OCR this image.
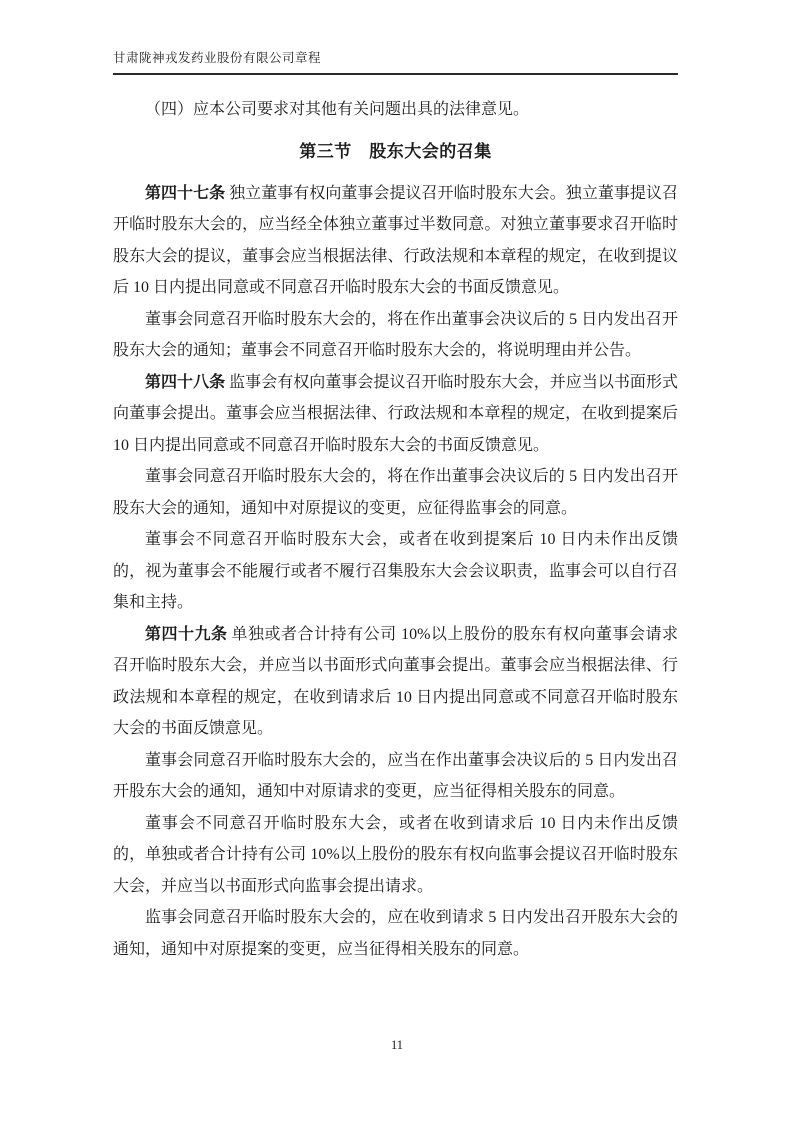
甘肃陇神戎发药业股份有限公司章程

（四）应本公司要求对其他有关问题出具的法律意见。

第三节　股东大会的召集

第四十七条 独立董事有权向董事会提议召开临时股东大会。独立董事提议召开临时股东大会的，应当经全体独立董事过半数同意。对独立董事要求召开临时股东大会的提议，董事会应当根据法律、行政法规和本章程的规定，在收到提议后 10 日内提出同意或不同意召开临时股东大会的书面反馈意见。

董事会同意召开临时股东大会的，将在作出董事会决议后的 5 日内发出召开股东大会的通知；董事会不同意召开临时股东大会的，将说明理由并公告。

第四十八条 监事会有权向董事会提议召开临时股东大会，并应当以书面形式向董事会提出。董事会应当根据法律、行政法规和本章程的规定，在收到提案后 10 日内提出同意或不同意召开临时股东大会的书面反馈意见。

董事会同意召开临时股东大会的，将在作出董事会决议后的 5 日内发出召开股东大会的通知，通知中对原提议的变更，应征得监事会的同意。

董事会不同意召开临时股东大会，或者在收到提案后 10 日内未作出反馈的，视为董事会不能履行或者不履行召集股东大会会议职责，监事会可以自行召集和主持。

第四十九条 单独或者合计持有公司 10%以上股份的股东有权向董事会请求召开临时股东大会，并应当以书面形式向董事会提出。董事会应当根据法律、行政法规和本章程的规定，在收到请求后 10 日内提出同意或不同意召开临时股东大会的书面反馈意见。

董事会同意召开临时股东大会的，应当在作出董事会决议后的 5 日内发出召开股东大会的通知，通知中对原请求的变更，应当征得相关股东的同意。

董事会不同意召开临时股东大会，或者在收到请求后 10 日内未作出反馈的，单独或者合计持有公司 10%以上股份的股东有权向监事会提议召开临时股东大会，并应当以书面形式向监事会提出请求。

监事会同意召开临时股东大会的，应在收到请求 5 日内发出召开股东大会的通知，通知中对原提案的变更，应当征得相关股东的同意。

11
